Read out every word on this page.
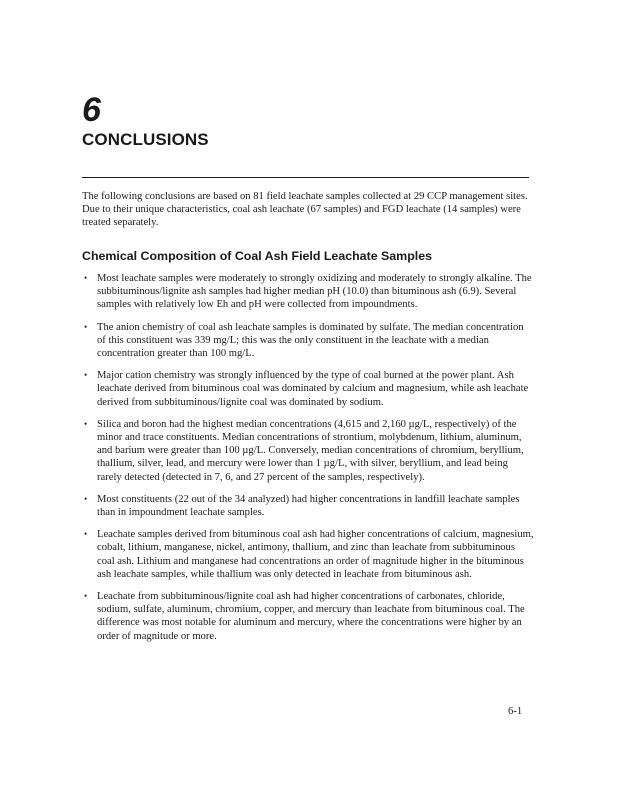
6
CONCLUSIONS

The following conclusions are based on 81 field leachate samples collected at 29 CCP management sites. Due to their unique characteristics, coal ash leachate (67 samples) and FGD leachate (14 samples) were treated separately.

Chemical Composition of Coal Ash Field Leachate Samples
• Most leachate samples were moderately to strongly oxidizing and moderately to strongly alkaline. The subbituminous/lignite ash samples had higher median pH (10.0) than bituminous ash (6.9). Several samples with relatively low Eh and pH were collected from impoundments.
• The anion chemistry of coal ash leachate samples is dominated by sulfate. The median concentration of this constituent was 339 mg/L; this was the only constituent in the leachate with a median concentration greater than 100 mg/L.
• Major cation chemistry was strongly influenced by the type of coal burned at the power plant. Ash leachate derived from bituminous coal was dominated by calcium and magnesium, while ash leachate derived from subbituminous/lignite coal was dominated by sodium.
• Silica and boron had the highest median concentrations (4,615 and 2,160 µg/L, respectively) of the minor and trace constituents. Median concentrations of strontium, molybdenum, lithium, aluminum, and barium were greater than 100 µg/L. Conversely, median concentrations of chromium, beryllium, thallium, silver, lead, and mercury were lower than 1 µg/L, with silver, beryllium, and lead being rarely detected (detected in 7, 6, and 27 percent of the samples, respectively).
• Most constituents (22 out of the 34 analyzed) had higher concentrations in landfill leachate samples than in impoundment leachate samples.
• Leachate samples derived from bituminous coal ash had higher concentrations of calcium, magnesium, cobalt, lithium, manganese, nickel, antimony, thallium, and zinc than leachate from subbituminous coal ash. Lithium and manganese had concentrations an order of magnitude higher in the bituminous ash leachate samples, while thallium was only detected in leachate from bituminous ash.
• Leachate from subbituminous/lignite coal ash had higher concentrations of carbonates, chloride, sodium, sulfate, aluminum, chromium, copper, and mercury than leachate from bituminous coal. The difference was most notable for aluminum and mercury, where the concentrations were higher by an order of magnitude or more.

6-1
